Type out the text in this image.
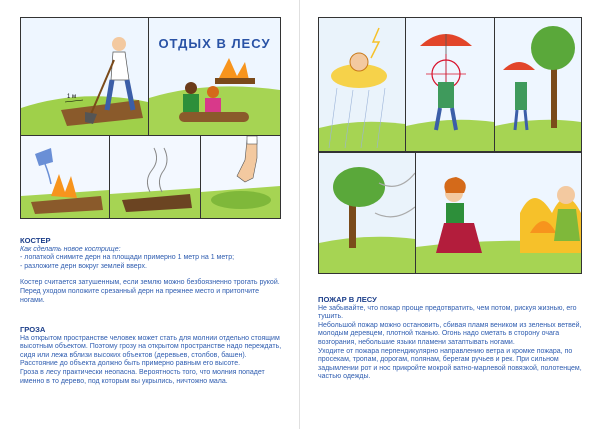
1 м
ОТДЫХ В ЛЕСУ

КОСТЕР

Как сделать новое кострище:

- лопаткой снимите дерн на площади примерно 1 метр на 1 метр;

- разложите дерн вокруг землей вверх.

Костер считается затушенным, если землю можно безбоязненно трогать рукой.

Перед уходом положите срезанный дерн на прежнее место и притопчите ногами.

ГРОЗА

На открытом пространстве человек может стать для молнии отдельно стоящим высотным объектом. Поэтому грозу на открытом пространстве надо переждать, сидя или лежа вблизи высоких объектов (деревьев, столбов, башен). Расстояние до объекта должно быть примерно равным его высоте.

Гроза в лесу практически неопасна. Вероятность того, что молния попадет именно в то дерево, под которым вы укрылись, ничтожно мала.

ПОЖАР В ЛЕСУ

Не забывайте, что пожар проще предотвратить, чем потом, рискуя жизнью, его тушить.

Небольшой пожар можно остановить, сбивая пламя веником из зеленых ветвей, молодым деревцем, плотной тканью. Огонь надо сметать в сторону очага возгорания, небольшие языки пламени затаптывать ногами.

Уходите от пожара перпендикулярно направлению ветра и кромке пожара, по просекам, тропам, дорогам, полянам, берегам ручьев и рек. При сильном задымлении рот и нос прикройте мокрой ватно-марлевой повязкой, полотенцем, частью одежды.
